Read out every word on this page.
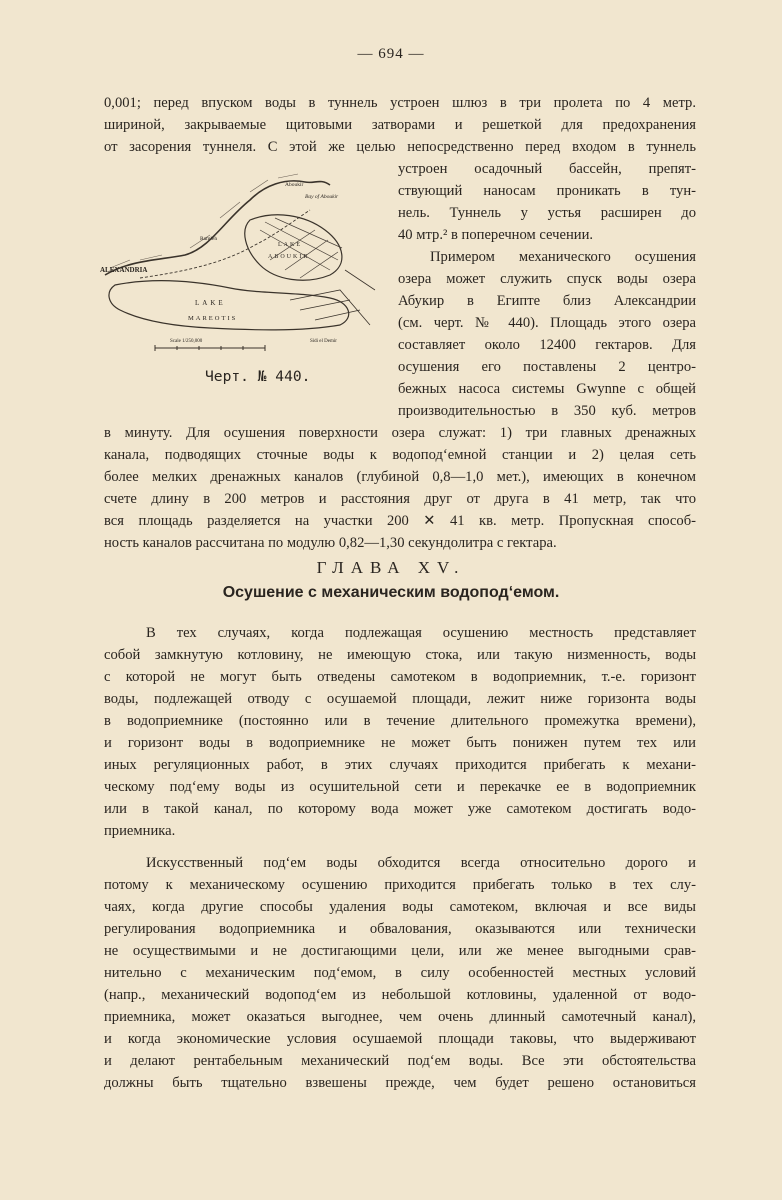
— 694 —
0,001; перед впуском воды в туннель устроен шлюз в три пролета по 4 метр.
шириной, закрываемые щитовыми затворами и решеткой для предохранения
от засорения туннеля. С этой же целью непосредственно перед входом в туннель
ALEXANDRIA
LAKE
ABOUKIR
LAKE
MAREOTIS
Bay of Aboukir
Aboukir
Ramleh
Scale 1/250,000	Sidi el Demir
Черт. № 440.
устроен осадочный бассейн, препят-
ствующий наносам проникать в тун-
нель. Туннель у устья расширен до
40 мтр.² в поперечном сечении.
Примером механического осушения
озера может служить спуск воды озера
Абукир в Египте близ Александрии
(см. черт. № 440). Площадь этого озера
составляет около 12400 гектаров. Для
осушения его поставлены 2 центро-
бежных насоса системы Gwynne с общей
производительностью в 350 куб. метров
в минуту. Для осушения поверхности озера служат: 1) три главных дренажных
канала, подводящих сточные воды к водопод‘емной станции и 2) целая сеть
более мелких дренажных каналов (глубиной 0,8—1,0 мет.), имеющих в конечном
счете длину в 200 метров и расстояния друг от друга в 41 метр, так что
вся площадь разделяется на участки 200 ✕ 41 кв. метр. Пропускная способ-
ность каналов рассчитана по модулю 0,82—1,30 секундолитра с гектара.
ГЛАВА XV.
Осушение с механическим водопод‘емом.
В тех случаях, когда подлежащая осушению местность представляет
собой замкнутую котловину, не имеющую стока, или такую низменность, воды
с которой не могут быть отведены самотеком в водоприемник, т.-е. горизонт
воды, подлежащей отводу с осушаемой площади, лежит ниже горизонта воды
в водоприемнике (постоянно или в течение длительного промежутка времени),
и горизонт воды в водоприемнике не может быть понижен путем тех или
иных регуляционных работ, в этих случаях приходится прибегать к механи-
ческому под‘ему воды из осушительной сети и перекачке ее в водоприемник
или в такой канал, по которому вода может уже самотеком достигать водо-
приемника.
Искусственный под‘ем воды обходится всегда относительно дорого и
потому к механическому осушению приходится прибегать только в тех слу-
чаях, когда другие способы удаления воды самотеком, включая и все виды
регулирования водоприемника и обвалования, оказываются или технически
не осуществимыми и не достигающими цели, или же менее выгодными срав-
нительно с механическим под‘емом, в силу особенностей местных условий
(напр., механический водопод‘ем из небольшой котловины, удаленной от водо-
приемника, может оказаться выгоднее, чем очень длинный самотечный канал),
и когда экономические условия осушаемой площади таковы, что выдерживают
и делают рентабельным механический под‘ем воды. Все эти обстоятельства
должны быть тщательно взвешены прежде, чем будет решено остановиться
